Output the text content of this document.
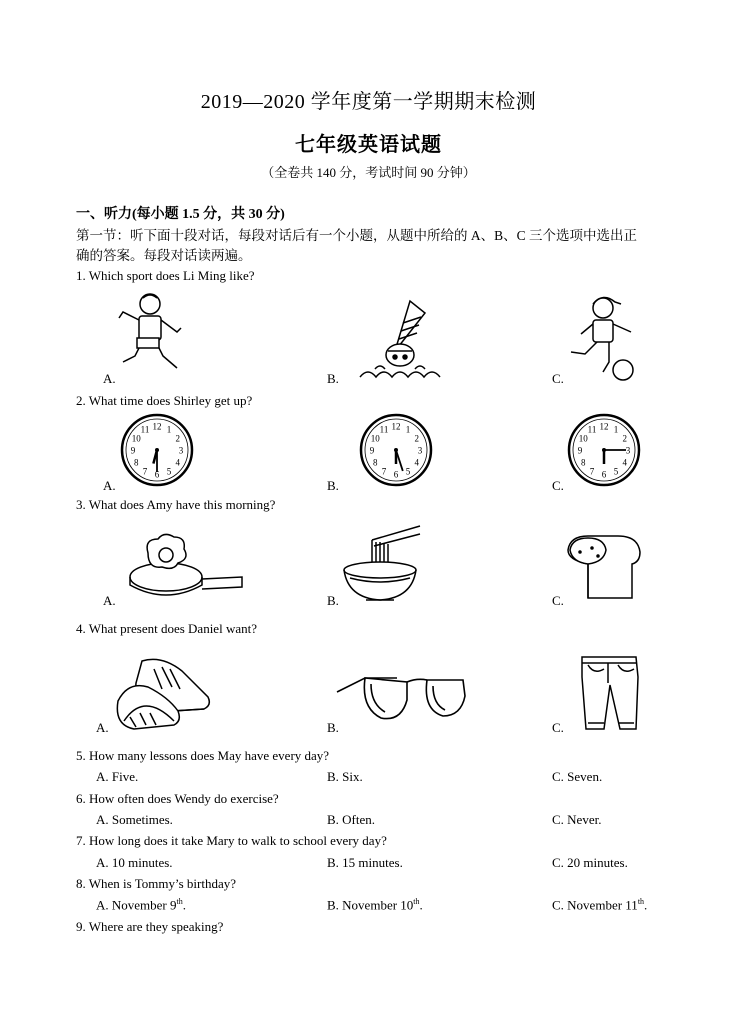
2019—2020 学年度第一学期期末检测
七年级英语试题
（全卷共 140 分，考试时间 90 分钟）
一、听力(每小题 1.5 分，共 30 分)
第一节：听下面十段对话，每段对话后有一个小题，从题中所给的 A、B、C 三个选项中选出正
确的答案。每段对话读两遍。
1. Which sport does Li Ming like?
A.	B.	C.
2. What time does Shirley get up?
A.	B.	C.
12 1
2
3
4
5
6
7
8
9
10
11	12 1
2
3
4
5
6
7
8
9
10
11	12 1
2
3
4
5
6
7
8
9
10
11
3. What does Amy have this morning?
A.	B.	C.
4. What present does Daniel want?
A.	B.	C.
5. How many lessons does May have every day?
A. Five.	B. Six.	C. Seven.
6. How often does Wendy do exercise?
A. Sometimes.	B. Often.	C. Never.
7. How long does it take Mary to walk to school every day?
A. 10 minutes.	B. 15 minutes.	C. 20 minutes.
8. When is Tommy’s birthday?
A. November 9th.	B. November 10th.	C. November 11th.
9. Where are they speaking?
